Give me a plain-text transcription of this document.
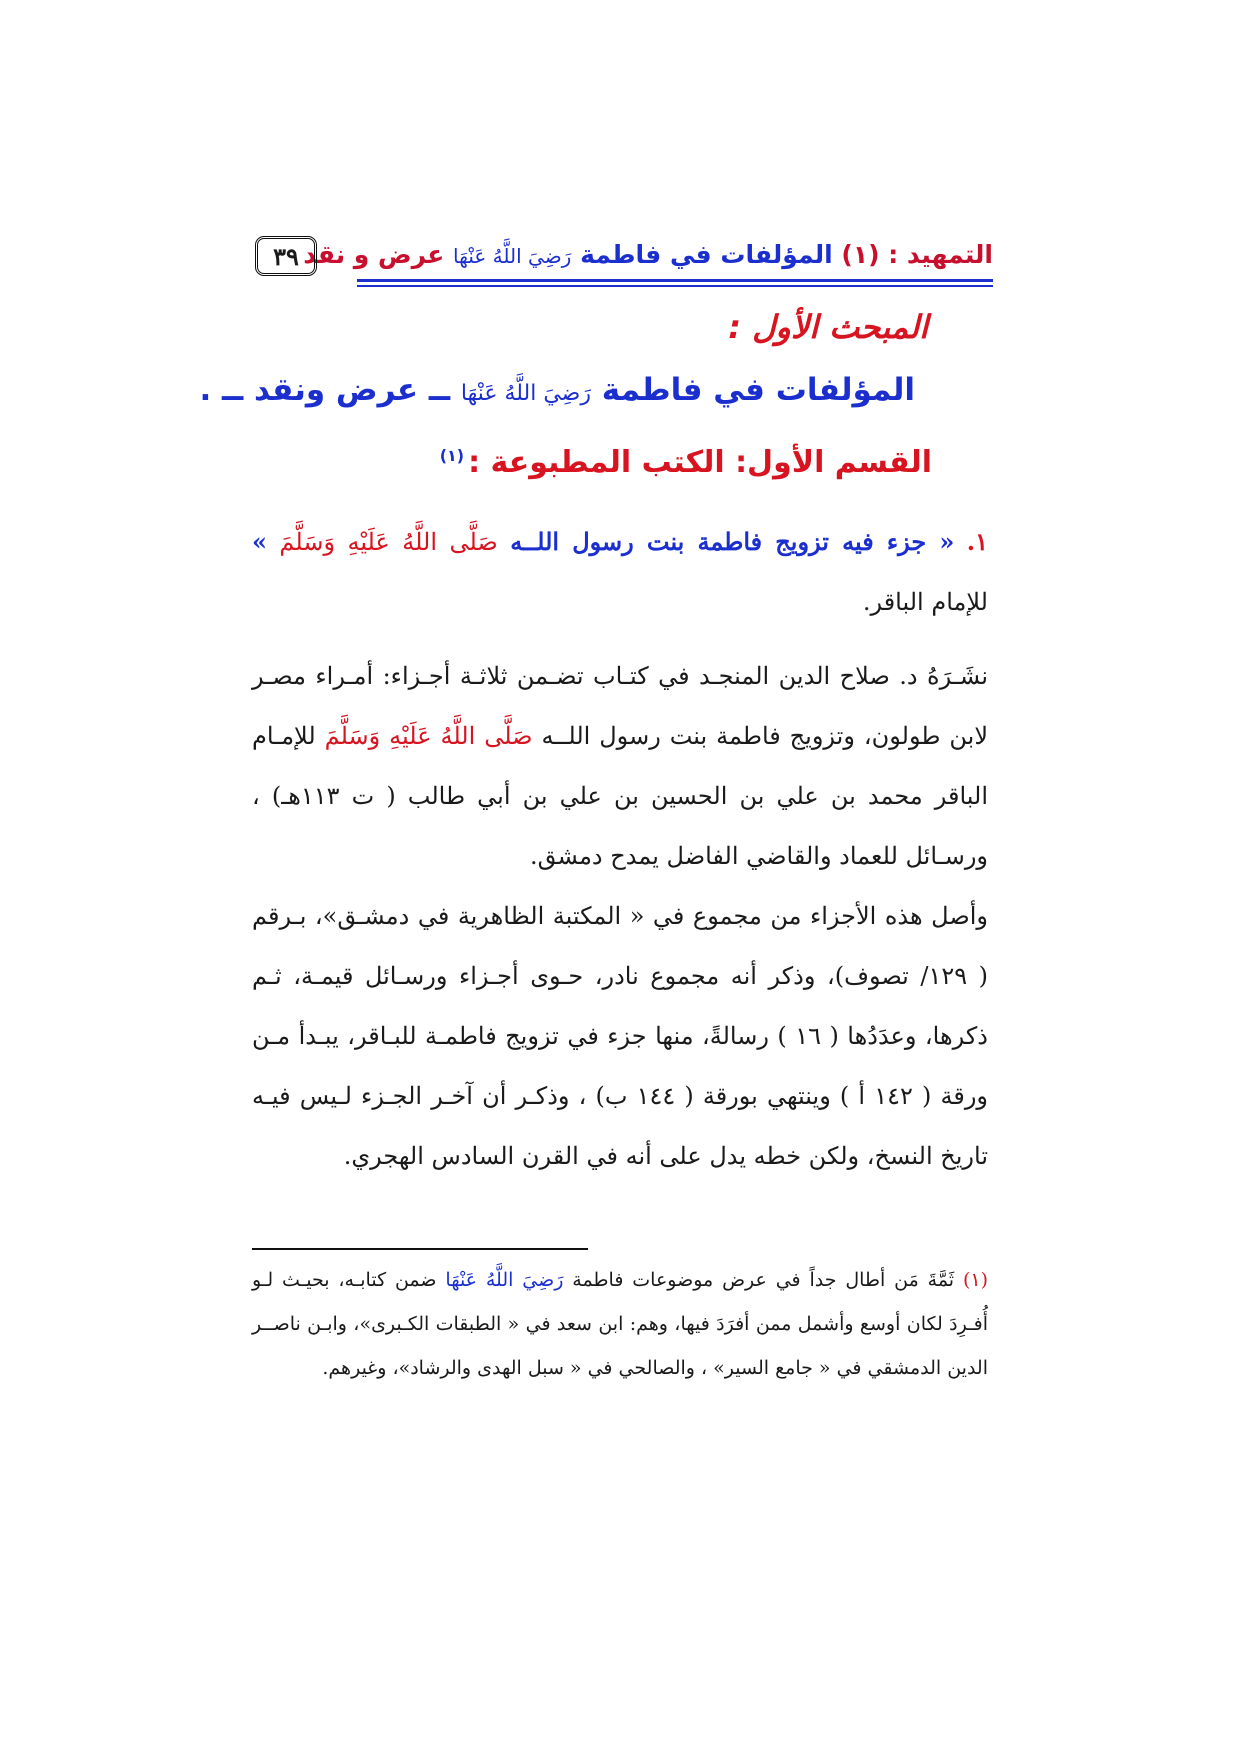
التمهيد : (١) المؤلفات في فاطمة رَضِيَ اللَّهُ عَنْهَا عرض و نقد
٣٩
المبحث الأول :
المؤلفات في فاطمة رَضِيَ اللَّهُ عَنْهَا ــ عرض ونقد ــ .
القسم الأول: الكتب المطبوعة :$^{(١)}$
١. « جزء فيه تزويج فاطمة بنت رسول اللــه صَلَّى اللَّهُ عَلَيْهِ وَسَلَّمَ » للإمام الباقر.
نشَـرَهُ د. صلاح الدين المنجـد في كتـاب تضـمن ثلاثـة أجـزاء: أمـراء مصـر لابن طولون، وتزويج فاطمة بنت رسول اللــه صَلَّى اللَّهُ عَلَيْهِ وَسَلَّمَ للإمـام الباقر محمد بن علي بن الحسين بن علي بن أبي طالب ( ت ١١٣هـ) ، ورسـائل للعماد والقاضي الفاضل يمدح دمشق.
وأصل هذه الأجزاء من مجموع في « المكتبة الظاهرية في دمشـق»، بـرقم ( ١٢٩/ تصوف)، وذكر أنه مجموع نادر، حـوى أجـزاء ورسـائل قيمـة، ثـم ذكرها، وعدَدُها ( ١٦ ) رسالةً، منها جزء في تزويج فاطمـة للبـاقر، يبـدأ مـن ورقة ( ١٤٢ أ ) وينتهي بورقة ( ١٤٤ ب) ، وذكـر أن آخـر الجـزء لـيس فيـه تاريخ النسخ، ولكن خطه يدل على أنه في القرن السادس الهجري.
(١) ثَمَّةَ مَن أطال جداً في عرض موضوعات فاطمة رَضِيَ اللَّهُ عَنْهَا ضمن كتابـه، بحيـث لـو أُفـرِدَ لكان أوسع وأشمل ممن أفرَدَ فيها، وهم: ابن سعد في « الطبقات الكـبرى»، وابـن ناصــر الدين الدمشقي في « جامع السير» ، والصالحي في « سبل الهدى والرشاد»، وغيرهم.
